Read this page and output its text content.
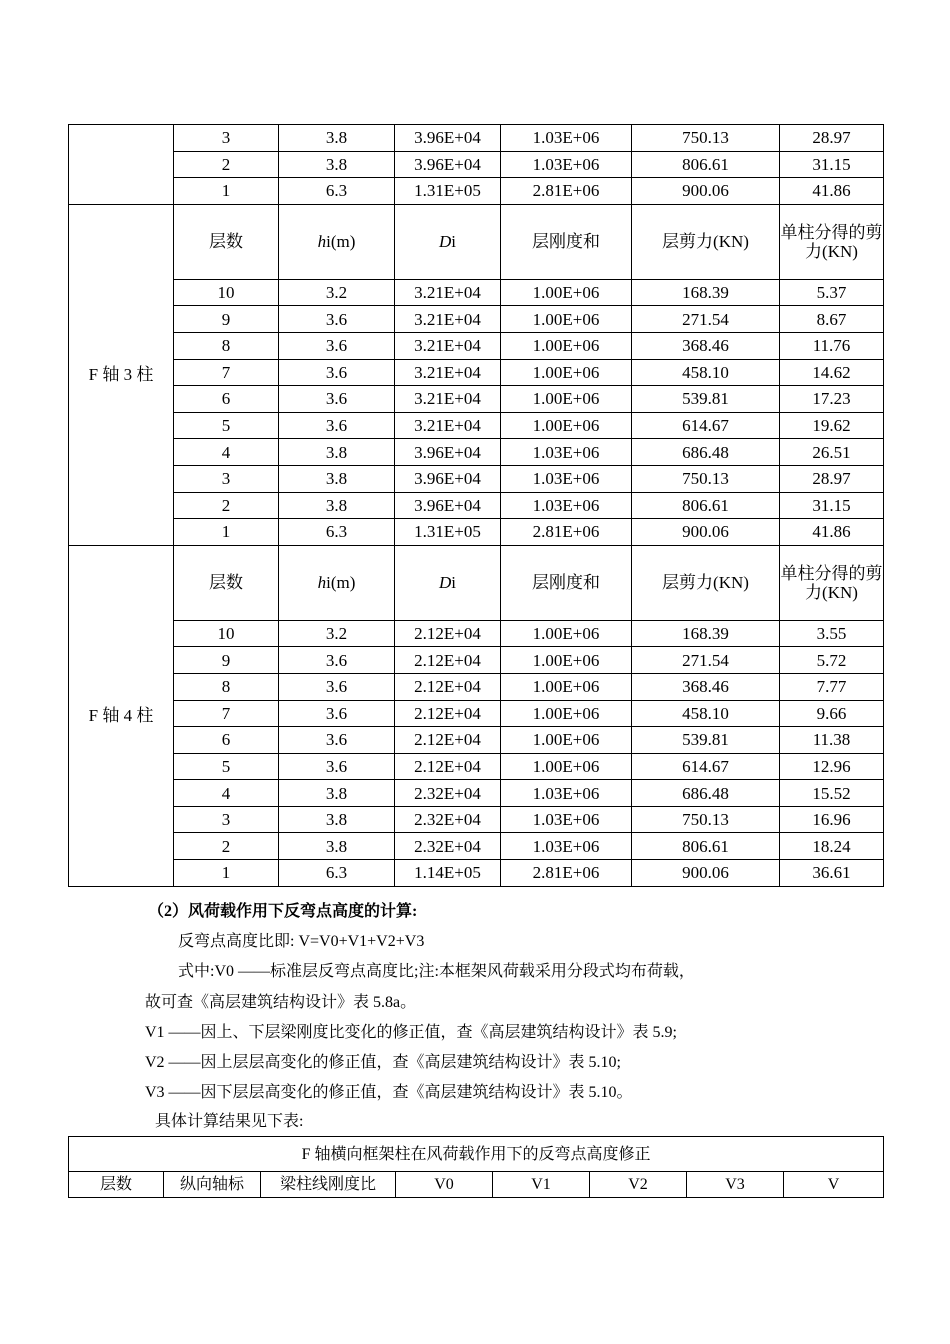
	3	3.8	3.96E+04	1.03E+06	750.13	28.97
	2	3.8	3.96E+04	1.03E+06	806.61	31.15
	1	6.3	1.31E+05	2.81E+06	900.06	41.86
F 轴 3 柱	层数	hi(m)	Di	层刚度和	层剪力(KN)	单柱分得的剪力(KN)
	10	3.2	3.21E+04	1.00E+06	168.39	5.37
	9	3.6	3.21E+04	1.00E+06	271.54	8.67
	8	3.6	3.21E+04	1.00E+06	368.46	11.76
	7	3.6	3.21E+04	1.00E+06	458.10	14.62
	6	3.6	3.21E+04	1.00E+06	539.81	17.23
	5	3.6	3.21E+04	1.00E+06	614.67	19.62
	4	3.8	3.96E+04	1.03E+06	686.48	26.51
	3	3.8	3.96E+04	1.03E+06	750.13	28.97
	2	3.8	3.96E+04	1.03E+06	806.61	31.15
	1	6.3	1.31E+05	2.81E+06	900.06	41.86
F 轴 4 柱	层数	hi(m)	Di	层刚度和	层剪力(KN)	单柱分得的剪力(KN)
	10	3.2	2.12E+04	1.00E+06	168.39	3.55
	9	3.6	2.12E+04	1.00E+06	271.54	5.72
	8	3.6	2.12E+04	1.00E+06	368.46	7.77
	7	3.6	2.12E+04	1.00E+06	458.10	9.66
	6	3.6	2.12E+04	1.00E+06	539.81	11.38
	5	3.6	2.12E+04	1.00E+06	614.67	12.96
	4	3.8	2.32E+04	1.03E+06	686.48	15.52
	3	3.8	2.32E+04	1.03E+06	750.13	16.96
	2	3.8	2.32E+04	1.03E+06	806.61	18.24
	1	6.3	1.14E+05	2.81E+06	900.06	36.61

（2）风荷载作用下反弯点高度的计算:

反弯点高度比即: V=V0+V1+V2+V3

式中:V0 ——标准层反弯点高度比;注:本框架风荷载采用分段式均布荷载，

故可查《高层建筑结构设计》表 5.8a。

V1 ——因上、下层梁刚度比变化的修正值，查《高层建筑结构设计》表 5.9;

V2 ——因上层层高变化的修正值，查《高层建筑结构设计》表 5.10;

V3 ——因下层层高变化的修正值，查《高层建筑结构设计》表 5.10。

具体计算结果见下表:

F 轴横向框架柱在风荷载作用下的反弯点高度修正
层数	纵向轴标	梁柱线刚度比	V0	V1	V2	V3	V
